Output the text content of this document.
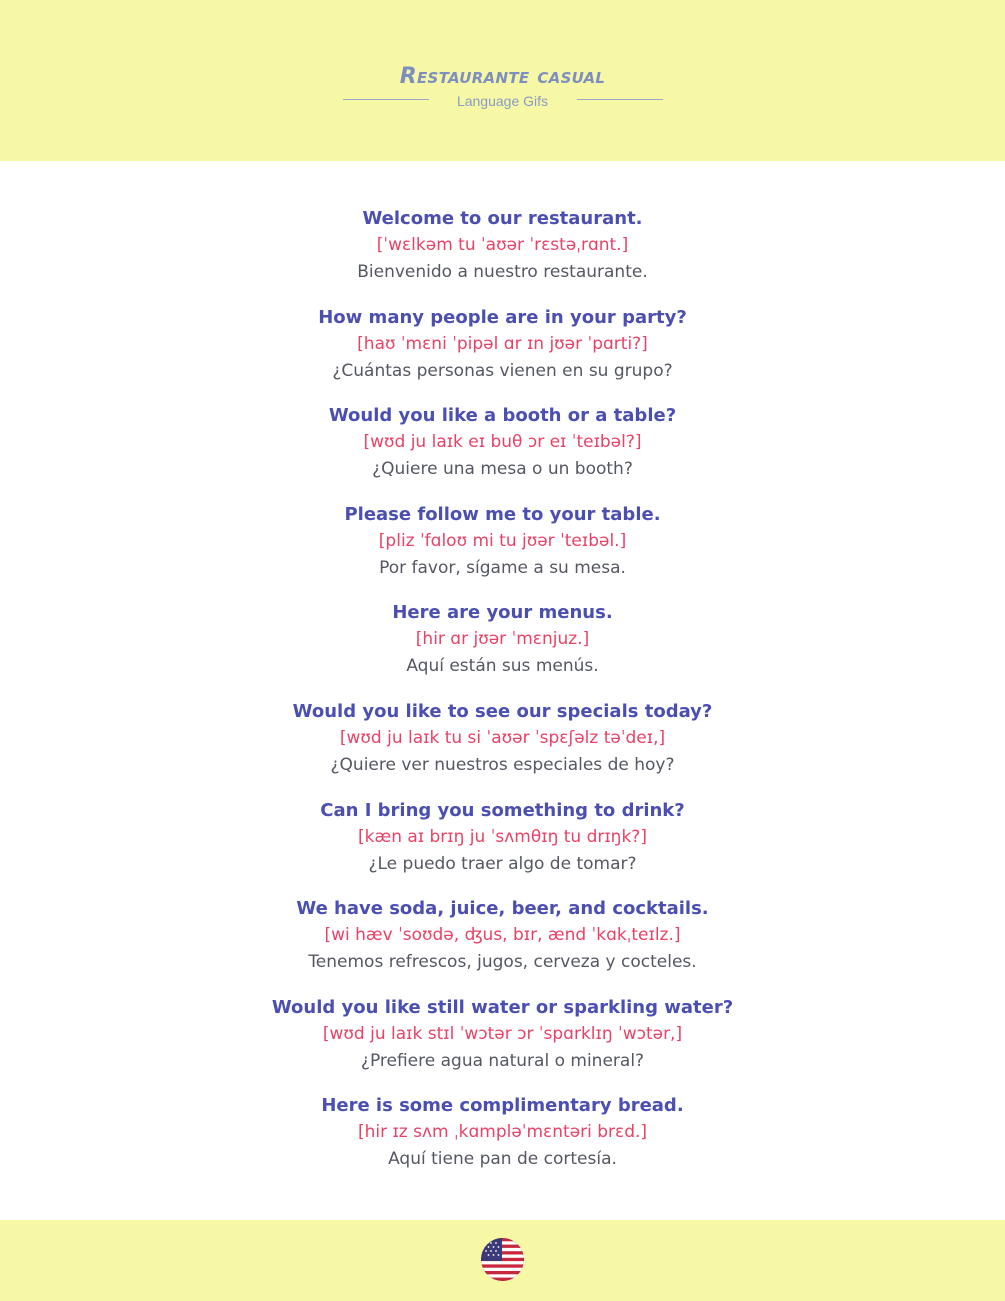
Restaurante casual
Language Gifs
Welcome to our restaurant.
[ˈwɛlkəm tu ˈaʊər ˈrɛstəˌrɑnt.]
Bienvenido a nuestro restaurante.
How many people are in your party?
[haʊ ˈmɛni ˈpipəl ɑr ɪn jʊər ˈpɑrti?]
¿Cuántas personas vienen en su grupo?
Would you like a booth or a table?
[wʊd ju laɪk eɪ buθ ɔr eɪ ˈteɪbəl?]
¿Quiere una mesa o un booth?
Please follow me to your table.
[pliz ˈfɑloʊ mi tu jʊər ˈteɪbəl.]
Por favor, sígame a su mesa.
Here are your menus.
[hir ɑr jʊər ˈmɛnjuz.]
Aquí están sus menús.
Would you like to see our specials today?
[wʊd ju laɪk tu si ˈaʊər ˈspɛʃəlz təˈdeɪ,]
¿Quiere ver nuestros especiales de hoy?
Can I bring you something to drink?
[kæn aɪ brɪŋ ju ˈsʌmθɪŋ tu drɪŋk?]
¿Le puedo traer algo de tomar?
We have soda, juice, beer, and cocktails.
[wi hæv ˈsoʊdə, ʤus, bɪr, ænd ˈkɑkˌteɪlz.]
Tenemos refrescos, jugos, cerveza y cocteles.
Would you like still water or sparkling water?
[wʊd ju laɪk stɪl ˈwɔtər ɔr ˈspɑrklɪŋ ˈwɔtər,]
¿Prefiere agua natural o mineral?
Here is some complimentary bread.
[hir ɪz sʌm ˌkɑmpləˈmɛntəri brɛd.]
Aquí tiene pan de cortesía.
